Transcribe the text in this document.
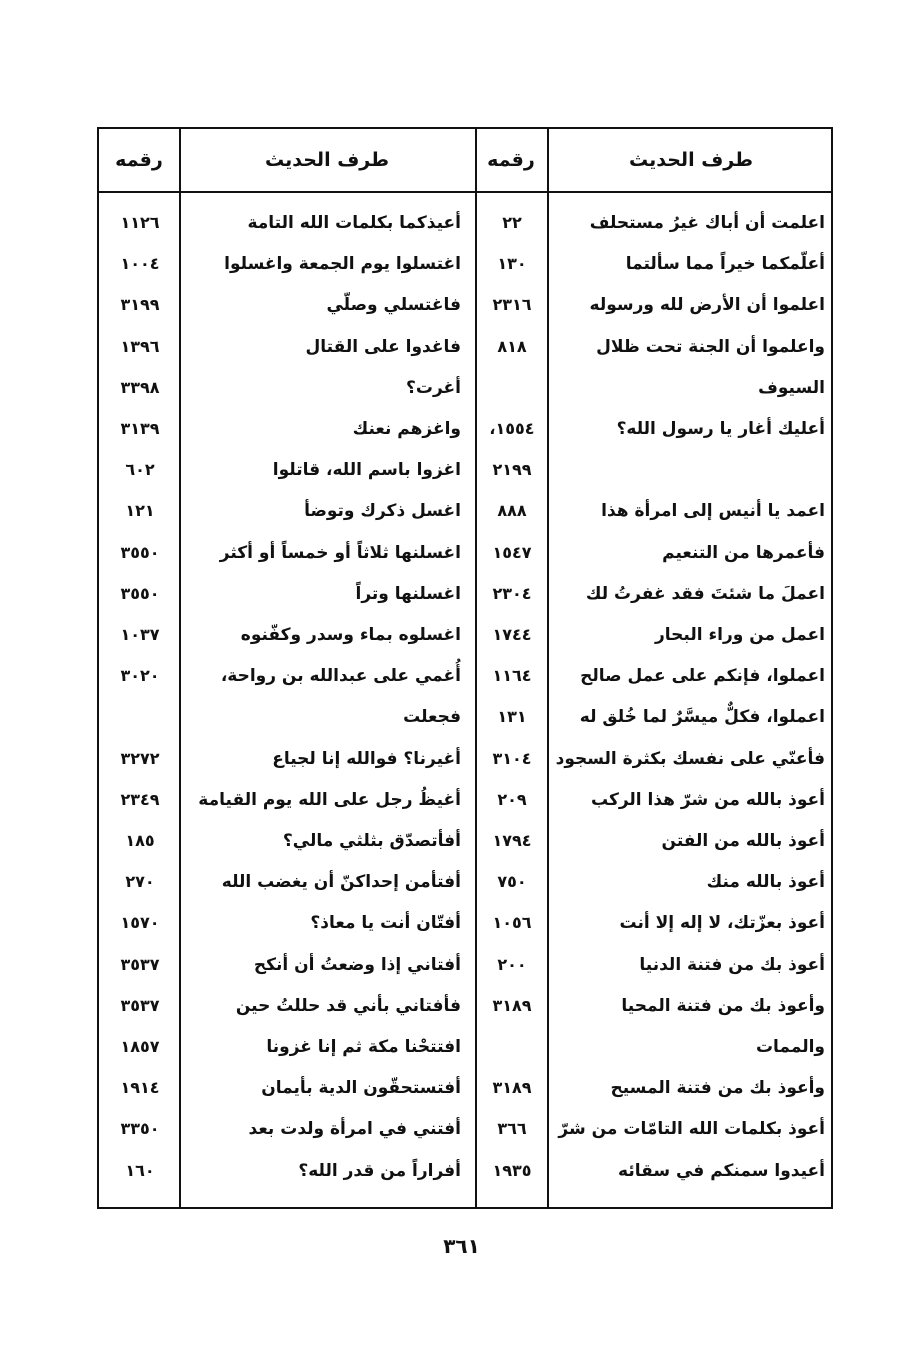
طرف الحديث
رقمه
طرف الحديث
رقمه
اعلمت أن أباك غيرُ مستحلف
٢٢
أعلّمكما خيراً مما سألتما
١٣٠
اعلموا أن الأرض لله ورسوله
٢٣١٦
واعلموا أن الجنة تحت ظلال
٨١٨
السيوف
أعليك أغار يا رسول الله؟
١٥٥٤،
٢١٩٩
اعمد يا أنيس إلى امرأة هذا
٨٨٨
فأعمرها من التنعيم
١٥٤٧
اعملَ ما شئتَ فقد غفرتُ لك
٢٣٠٤
اعمل من وراء البحار
١٧٤٤
اعملوا، فإنكم على عمل صالح
١١٦٤
اعملوا، فكلٌّ ميسَّرٌ لما خُلق له
١٣١
فأعنّي على نفسك بكثرة السجود
٣١٠٤
أعوذ بالله من شرّ هذا الركب
٢٠٩
أعوذ بالله من الفتن
١٧٩٤
أعوذ بالله منك
٧٥٠
أعوذ بعزّتك، لا إله إلا أنت
١٠٥٦
أعوذ بك من فتنة الدنيا
٢٠٠
وأعوذ بك من فتنة المحيا
٣١٨٩
والممات
وأعوذ بك من فتنة المسيح
٣١٨٩
أعوذ بكلمات الله التامّات من شرّ
٣٦٦
أعيدوا سمنكم في سقائه
١٩٣٥
أعيذكما بكلمات الله التامة
١١٢٦
اغتسلوا يوم الجمعة واغسلوا
١٠٠٤
فاغتسلي وصلّي
٣١٩٩
فاغدوا على القتال
١٣٩٦
أغرت؟
٣٣٩٨
واغزهم نعنك
٣١٣٩
اغزوا باسم الله، قاتلوا
٦٠٢
اغسل ذكرك وتوضأ
١٢١
اغسلنها ثلاثاً أو خمساً أو أكثر
٣٥٥٠
اغسلنها وتراً
٣٥٥٠
اغسلوه بماء وسدر وكفّنوه
١٠٣٧
أُغمي على عبدالله بن رواحة،
٣٠٢٠
فجعلت
أغيرنا؟ فوالله إنا لجياع
٣٢٧٢
أغيظُ رجل على الله يوم القيامة
٢٣٤٩
أفأتصدّق بثلثي مالي؟
١٨٥
أفتأمن إحداكنّ أن يغضب الله
٢٧٠
أفتّان أنت يا معاذ؟
١٥٧٠
أفتاني إذا وضعتُ أن أنكح
٣٥٣٧
فأفتاني بأني قد حللتُ حين
٣٥٣٧
افتتحْنا مكة ثم إنا غزونا
١٨٥٧
أفتستحقّون الدية بأيمان
١٩١٤
أفتني في امرأة ولدت بعد
٣٣٥٠
أفراراً من قدر الله؟
١٦٠
٣٦١
